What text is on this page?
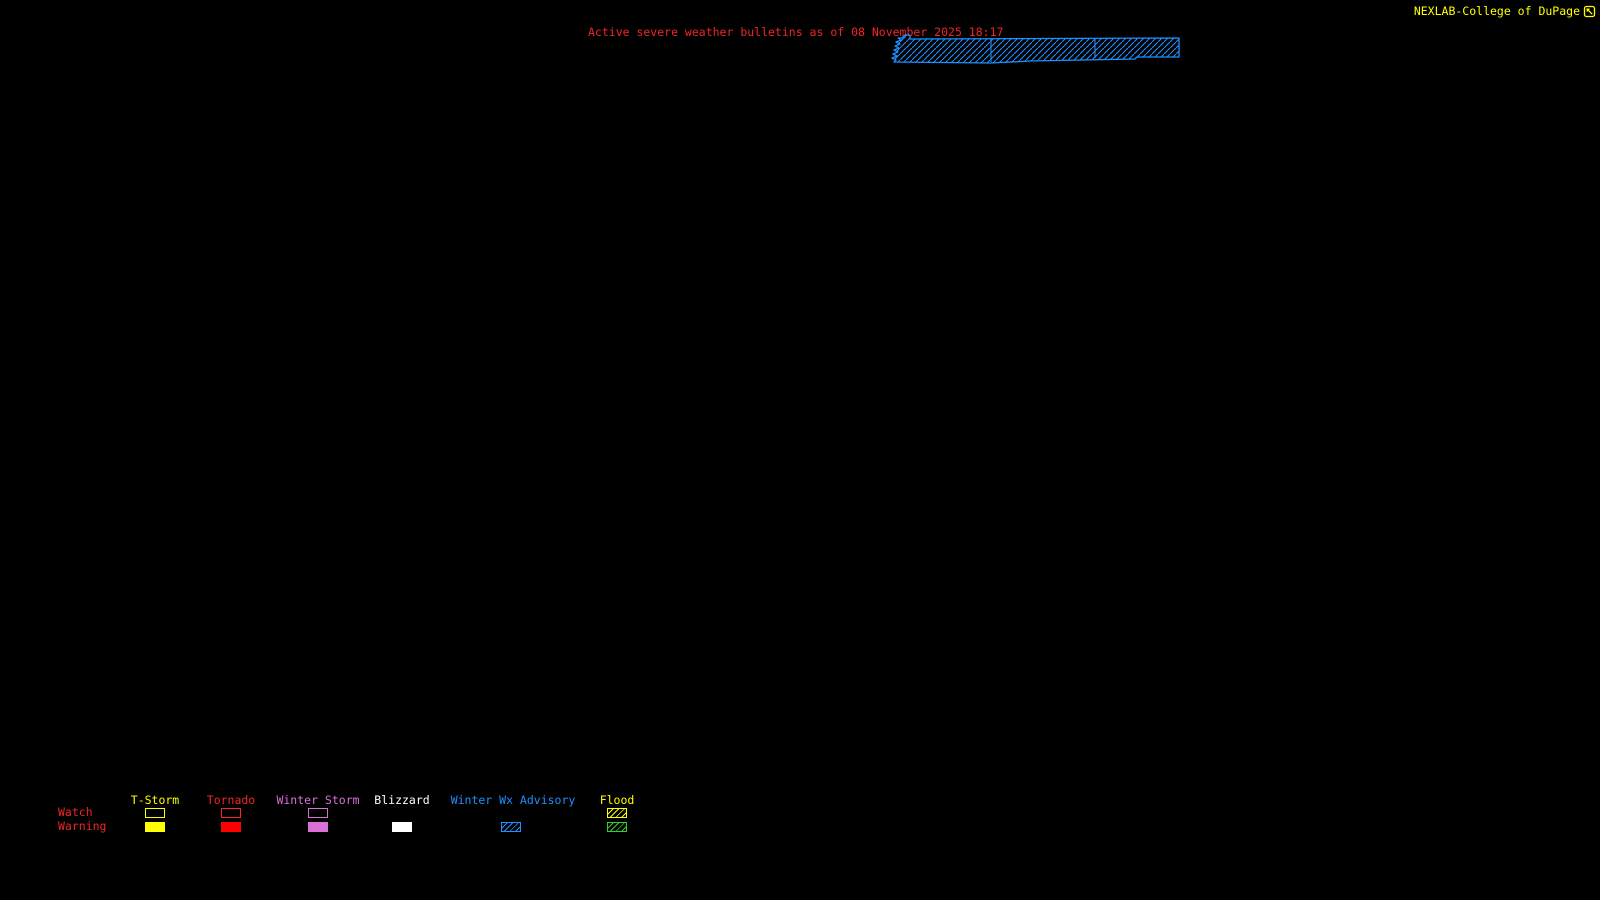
NEXLAB-College of DuPage
Active severe weather bulletins as of 08 November 2025 18:17
Watch
Warning
T-Storm Tornado Winter Storm Blizzard Winter Wx Advisory Flood
